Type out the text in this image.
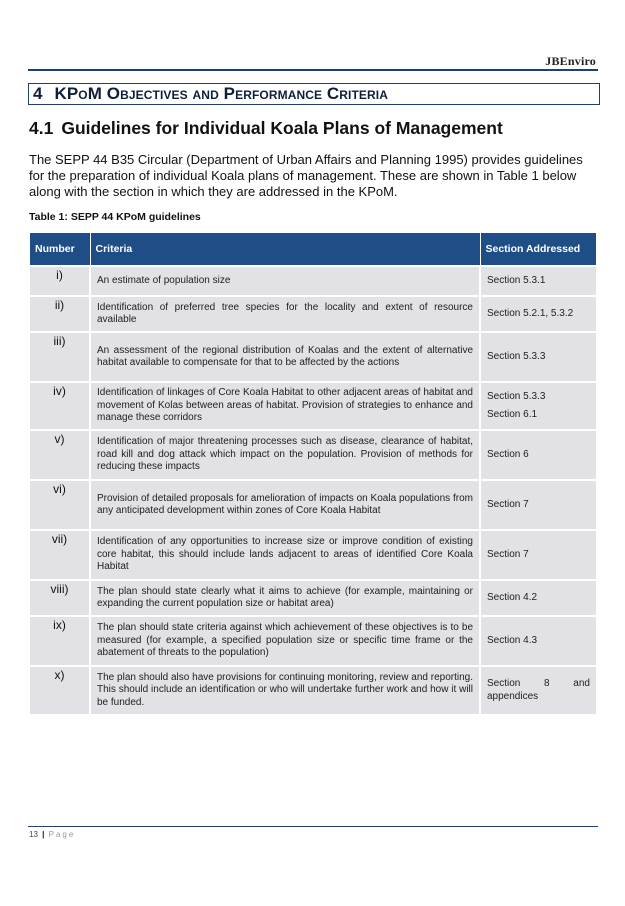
JBEnviro
4 KPoM Objectives and Performance Criteria
4.1 Guidelines for Individual Koala Plans of Management

The SEPP 44 B35 Circular (Department of Urban Affairs and Planning 1995) provides guidelines for the preparation of individual Koala plans of management. These are shown in Table 1 below along with the section in which they are addressed in the KPoM.

Table 1: SEPP 44 KPoM guidelines
Number	Criteria	Section Addressed
i)	An estimate of population size	Section 5.3.1

ii)	Identification of preferred tree species for the locality and extent of resource available	Section 5.2.1, 5.3.2

iii)	An assessment of the regional distribution of Koalas and the extent of alternative habitat available to compensate for that to be affected by the actions	Section 5.3.3

iv)	Identification of linkages of Core Koala Habitat to other adjacent areas of habitat and movement of Kolas between areas of habitat. Provision of strategies to enhance and manage these corridors	Section 5.3.3
Section 6.1

v)	Identification of major threatening processes such as disease, clearance of habitat, road kill and dog attack which impact on the population. Provision of methods for reducing these impacts	Section 6

vi)	Provision of detailed proposals for amelioration of impacts on Koala populations from any anticipated development within zones of Core Koala Habitat	Section 7

vii)	Identification of any opportunities to increase size or improve condition of existing core habitat, this should include lands adjacent to areas of identified Core Koala Habitat	Section 7

viii)	The plan should state clearly what it aims to achieve (for example, maintaining or expanding the current population size or habitat area)	Section 4.2

ix)	The plan should state criteria against which achievement of these objectives is to be measured (for example, a specified population size or specific time frame or the abatement of threats to the population)	Section 4.3

x)	The plan should also have provisions for continuing monitoring, review and reporting. This should include an identification or who will undertake further work and how it will be funded.	Section 8 and appendices
13 | Page
